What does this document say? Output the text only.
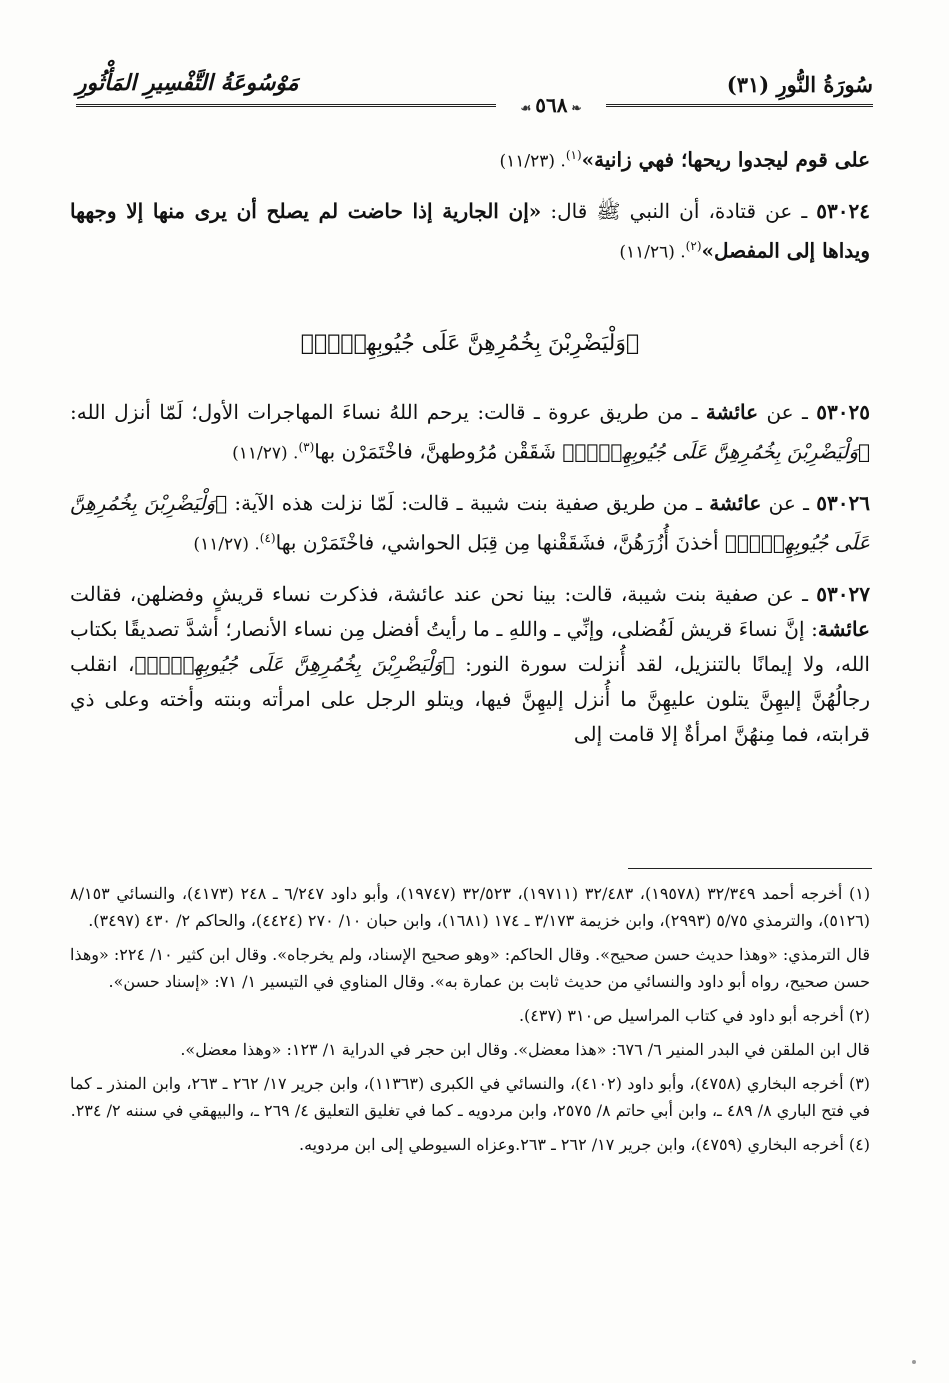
سُورَةُ النُّورِ (٣١)
مَوْسُوعَةُ التَّفْسِيرِ المَأْثُورِ
❧٥٦٨☙

على قوم ليجدوا ريحها؛ فهي زانية»$^{(١)}$. (١١/٢٣)

٥٣٠٢٤ ـ عن قتادة، أن النبي ﷺ قال: «إن الجارية إذا حاضت لم يصلح أن يرى منها إلا وجهها ويداها إلى المفصل»$^{(٢)}$. (١١/٢٦)

﴿وَلْيَضْرِبْنَ بِخُمُرِهِنَّ عَلَى جُيُوبِهِنَّۖ﴾

٥٣٠٢٥ ـ عن عائشة ـ من طريق عروة ـ قالت: يرحم اللهُ نساءَ المهاجرات الأول؛ لَمّا أنزل الله: ﴿وَلْيَضْرِبْنَ بِخُمُرِهِنَّ عَلَى جُيُوبِهِنَّۖ﴾ شَقَقْن مُرُوطهنَّ، فاخْتَمَرْن بها$^{(٣)}$. (١١/٢٧)

٥٣٠٢٦ ـ عن عائشة ـ من طريق صفية بنت شيبة ـ قالت: لَمّا نزلت هذه الآية: ﴿وَلْيَضْرِبْنَ بِخُمُرِهِنَّ عَلَى جُيُوبِهِنَّۖ﴾ أخذنَ أُزُرَهُنَّ، فشَقَقْنها مِن قِبَل الحواشي، فاخْتَمَرْن بها$^{(٤)}$. (١١/٢٧)

٥٣٠٢٧ ـ عن صفية بنت شيبة، قالت: بينا نحن عند عائشة، فذكرت نساء قريشٍ وفضلهن، فقالت عائشة: إنَّ نساءَ قريش لَفُضلى، وإنِّي ـ واللهِ ـ ما رأيتُ أفضل مِن نساء الأنصار؛ أشدَّ تصديقًا بكتاب الله، ولا إيمانًا بالتنزيل، لقد أُنزلت سورة النور: ﴿وَلْيَضْرِبْنَ بِخُمُرِهِنَّ عَلَى جُيُوبِهِنَّۖ﴾، انقلب رجالُهُنَّ إليهِنَّ يتلون عليهِنَّ ما أُنزل إليهِنَّ فيها، ويتلو الرجل على امرأته وبنته وأخته وعلى ذي قرابته، فما مِنهُنَّ امرأةٌ إلا قامت إلى

(١) أخرجه أحمد ٣٢/٣٤٩ (١٩٥٧٨)، ٣٢/٤٨٣ (١٩٧١١)، ٣٢/٥٢٣ (١٩٧٤٧)، وأبو داود ٦/٢٤٧ ـ ٢٤٨ (٤١٧٣)، والنسائي ٨/١٥٣ (٥١٢٦)، والترمذي ٥/٧٥ (٢٩٩٣)، وابن خزيمة ٣/١٧٣ ـ ١٧٤ (١٦٨١)، وابن حبان ١٠/ ٢٧٠ (٤٤٢٤)، والحاكم ٢/ ٤٣٠ (٣٤٩٧).

قال الترمذي: «وهذا حديث حسن صحيح». وقال الحاكم: «وهو صحيح الإسناد، ولم يخرجاه». وقال ابن كثير ١٠/ ٢٢٤: «وهذا حسن صحيح، رواه أبو داود والنسائي من حديث ثابت بن عمارة به». وقال المناوي في التيسير ١/ ٧١: «إسناد حسن».

(٢) أخرجه أبو داود في كتاب المراسيل ص٣١٠ (٤٣٧).

قال ابن الملقن في البدر المنير ٦/ ٦٧٦: «هذا معضل». وقال ابن حجر في الدراية ١/ ١٢٣: «وهذا معضل».

(٣) أخرجه البخاري (٤٧٥٨)، وأبو داود (٤١٠٢)، والنسائي في الكبرى (١١٣٦٣)، وابن جرير ١٧/ ٢٦٢ ـ ٢٦٣، وابن المنذر ـ كما في فتح الباري ٨/ ٤٨٩ ـ، وابن أبي حاتم ٨/ ٢٥٧٥، وابن مردويه ـ كما في تغليق التعليق ٤/ ٢٦٩ ـ، والبيهقي في سننه ٢/ ٢٣٤.

(٤) أخرجه البخاري (٤٧٥٩)، وابن جرير ١٧/ ٢٦٢ ـ ٢٦٣.وعزاه السيوطي إلى ابن مردويه.
